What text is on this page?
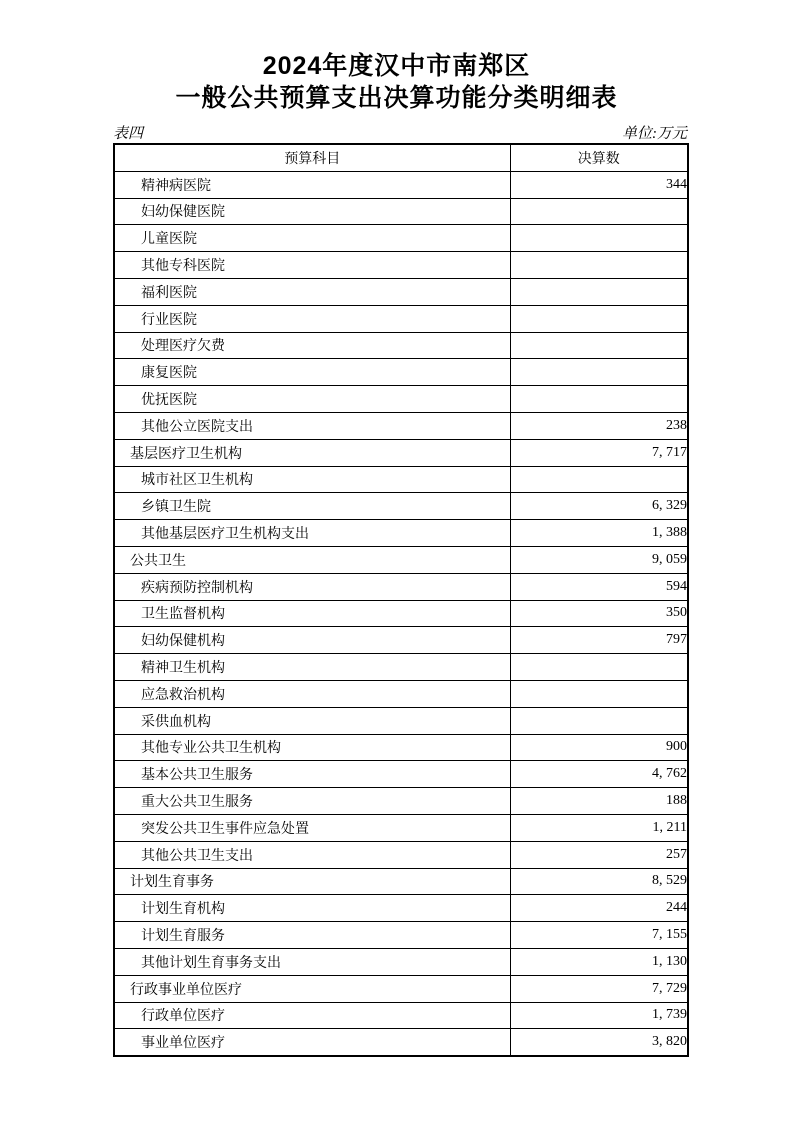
2024年度汉中市南郑区
一般公共预算支出决算功能分类明细表
表四	单位:万元
预算科目	决算数
精神病医院	344
妇幼保健医院	
儿童医院	
其他专科医院	
福利医院	
行业医院	
处理医疗欠费	
康复医院	
优抚医院	
其他公立医院支出	238
基层医疗卫生机构	7, 717
城市社区卫生机构	
乡镇卫生院	6, 329
其他基层医疗卫生机构支出	1, 388
公共卫生	9, 059
疾病预防控制机构	594
卫生监督机构	350
妇幼保健机构	797
精神卫生机构	
应急救治机构	
采供血机构	
其他专业公共卫生机构	900
基本公共卫生服务	4, 762
重大公共卫生服务	188
突发公共卫生事件应急处置	1, 211
其他公共卫生支出	257
计划生育事务	8, 529
计划生育机构	244
计划生育服务	7, 155
其他计划生育事务支出	1, 130
行政事业单位医疗	7, 729
行政单位医疗	1, 739
事业单位医疗	3, 820
